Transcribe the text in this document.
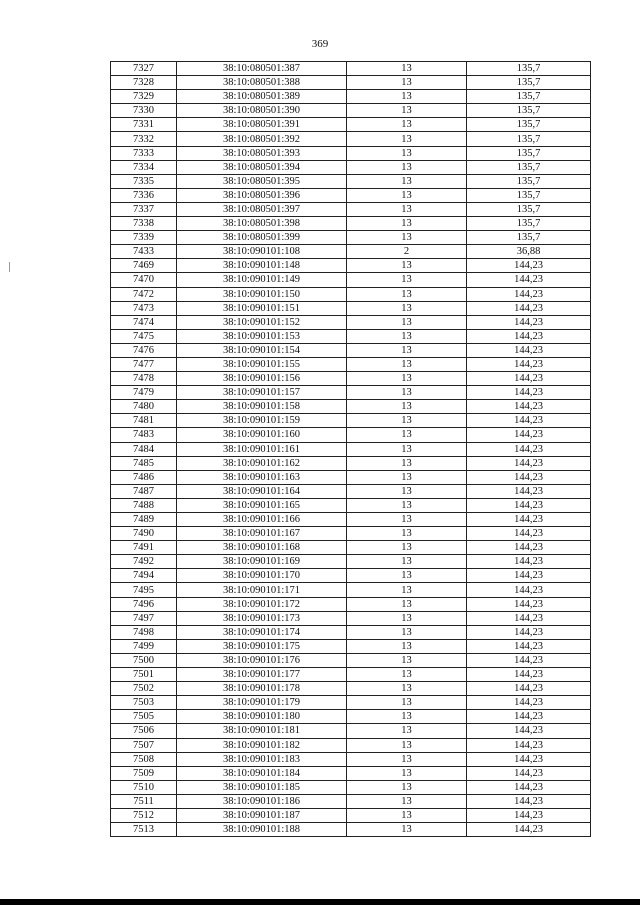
369
7327	38:10:080501:387	13	135,7
7328	38:10:080501:388	13	135,7
7329	38:10:080501:389	13	135,7
7330	38:10:080501:390	13	135,7
7331	38:10:080501:391	13	135,7
7332	38:10:080501:392	13	135,7
7333	38:10:080501:393	13	135,7
7334	38:10:080501:394	13	135,7
7335	38:10:080501:395	13	135,7
7336	38:10:080501:396	13	135,7
7337	38:10:080501:397	13	135,7
7338	38:10:080501:398	13	135,7
7339	38:10:080501:399	13	135,7
7433	38:10:090101:108	2	36,88
7469	38:10:090101:148	13	144,23
7470	38:10:090101:149	13	144,23
7472	38:10:090101:150	13	144,23
7473	38:10:090101:151	13	144,23
7474	38:10:090101:152	13	144,23
7475	38:10:090101:153	13	144,23
7476	38:10:090101:154	13	144,23
7477	38:10:090101:155	13	144,23
7478	38:10:090101:156	13	144,23
7479	38:10:090101:157	13	144,23
7480	38:10:090101:158	13	144,23
7481	38:10:090101:159	13	144,23
7483	38:10:090101:160	13	144,23
7484	38:10:090101:161	13	144,23
7485	38:10:090101:162	13	144,23
7486	38:10:090101:163	13	144,23
7487	38:10:090101:164	13	144,23
7488	38:10:090101:165	13	144,23
7489	38:10:090101:166	13	144,23
7490	38:10:090101:167	13	144,23
7491	38:10:090101:168	13	144,23
7492	38:10:090101:169	13	144,23
7494	38:10:090101:170	13	144,23
7495	38:10:090101:171	13	144,23
7496	38:10:090101:172	13	144,23
7497	38:10:090101:173	13	144,23
7498	38:10:090101:174	13	144,23
7499	38:10:090101:175	13	144,23
7500	38:10:090101:176	13	144,23
7501	38:10:090101:177	13	144,23
7502	38:10:090101:178	13	144,23
7503	38:10:090101:179	13	144,23
7505	38:10:090101:180	13	144,23
7506	38:10:090101:181	13	144,23
7507	38:10:090101:182	13	144,23
7508	38:10:090101:183	13	144,23
7509	38:10:090101:184	13	144,23
7510	38:10:090101:185	13	144,23
7511	38:10:090101:186	13	144,23
7512	38:10:090101:187	13	144,23
7513	38:10:090101:188	13	144,23
